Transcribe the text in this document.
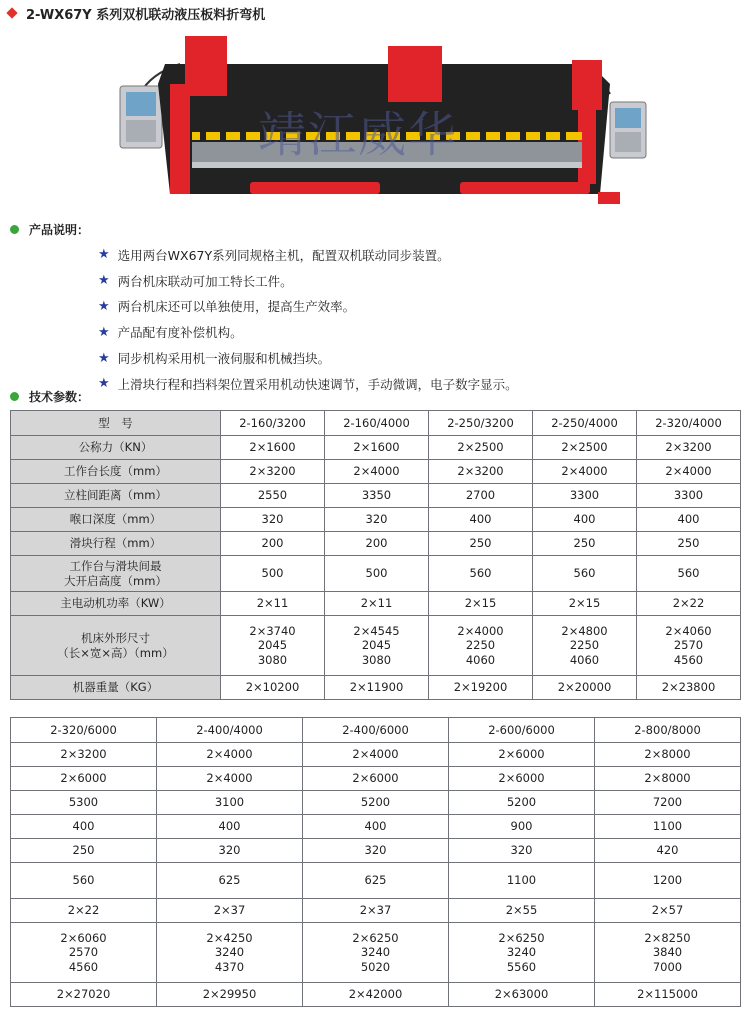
2-WX67Y 系列双机联动液压板料折弯机
靖江威华
产品说明：
★ 选用两台WX67Y系列同规格主机，配置双机联动同步装置。
★ 两台机床联动可加工特长工件。
★ 两台机床还可以单独使用，提高生产效率。
★ 产品配有度补偿机构。
★ 同步机构采用机一液伺服和机械挡块。
★ 上滑块行程和挡料架位置采用机动快速调节，手动微调，电子数字显示。
技术参数：
型　号	2-160/3200	2-160/4000	2-250/3200	2-250/4000	2-320/4000
公称力（KN）	2×1600	2×1600	2×2500	2×2500	2×3200
工作台长度（mm）	2×3200	2×4000	2×3200	2×4000	2×4000
立柱间距离（mm）	2550	3350	2700	3300	3300
喉口深度（mm）	320	320	400	400	400
滑块行程（mm）	200	200	250	250	250
工作台与滑块间最
大开启高度（mm）	500	500	560	560	560
主电动机功率（KW）	2×11	2×11	2×15	2×15	2×22
机床外形尺寸
（长×宽×高）（mm）	2×3740
2045
3080	2×4545
2045
3080	2×4000
2250
4060	2×4800
2250
4060	2×4060
2570
4560
机器重量（KG）	2×10200	2×11900	2×19200	2×20000	2×23800
2-320/6000	2-400/4000	2-400/6000	2-600/6000	2-800/8000
2×3200	2×4000	2×4000	2×6000	2×8000
2×6000	2×4000	2×6000	2×6000	2×8000
5300	3100	5200	5200	7200
400	400	400	900	1100
250	320	320	320	420
560	625	625	1100	1200
2×22	2×37	2×37	2×55	2×57
2×6060
2570
4560	2×4250
3240
4370	2×6250
3240
5020	2×6250
3240
5560	2×8250
3840
7000
2×27020	2×29950	2×42000	2×63000	2×115000
